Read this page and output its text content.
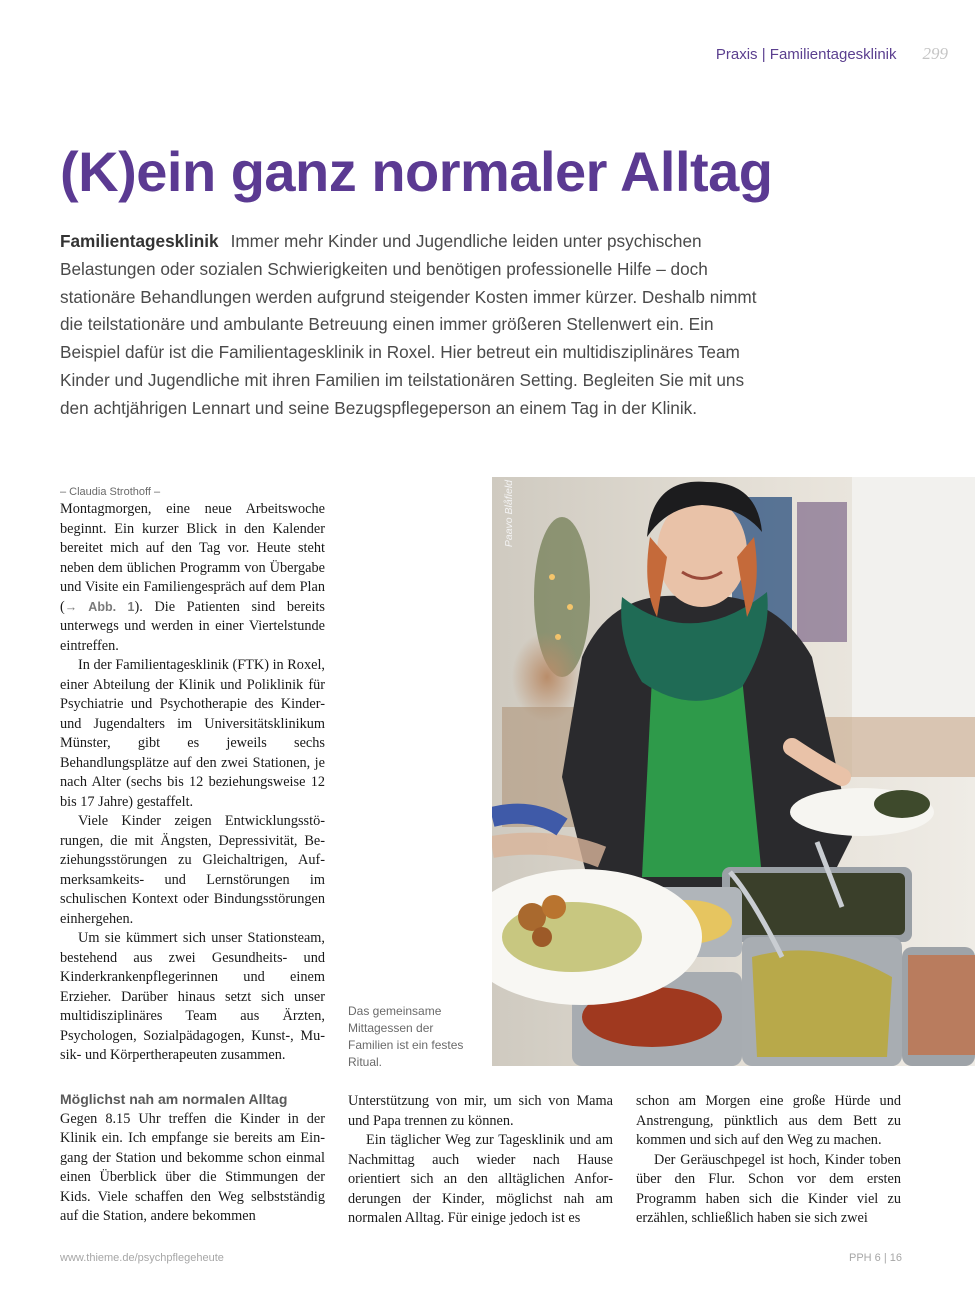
Praxis | Familientagesklinik 299
(K)ein ganz normaler Alltag
Familientagesklinik Immer mehr Kinder und Jugendliche leiden unter psychischen Belastungen oder sozialen Schwierigkeiten und benötigen professionelle Hilfe – doch stationäre Behandlungen werden aufgrund steigender Kosten immer kürzer. Deshalb nimmt die teilstationäre und ambulante Betreuung einen immer größeren Stellenwert ein. Ein Beispiel dafür ist die Familientagesklinik in Roxel. Hier betreut ein multidisziplinäres Team Kinder und Jugendliche mit ihren Familien im teilstationären Setting. Begleiten Sie mit uns den achtjährigen Lennart und seine Bezugspflegeperson an einem Tag in der Klinik.
– Claudia Strothoff –

Montagmorgen, eine neue Arbeitswoche beginnt. Ein kurzer Blick in den Kalender bereitet mich auf den Tag vor. Heute steht neben dem üblichen Programm von Übergabe und Visite ein Familiengespräch auf dem Plan (→ Abb. 1). Die Patienten sind bereits unterwegs und werden in einer Viertelstunde eintreffen.

In der Familientagesklinik (FTK) in Roxel, einer Abteilung der Klinik und Poliklinik für Psychiatrie und Psychotherapie des Kinder- und Jugendalters im Universitätsklinikum Münster, gibt es jeweils sechs Behandlungsplätze auf den zwei Stationen, je nach Alter (sechs bis 12 beziehungsweise 12 bis 17 Jahre) gestaffelt.

Viele Kinder zeigen Entwicklungsstörungen, die mit Ängsten, Depressivität, Beziehungsstörungen zu Gleichaltrigen, Aufmerksamkeits- und Lernstörungen im schulischen Kontext oder Bindungsstörungen einhergehen.

Um sie kümmert sich unser Stationsteam, bestehend aus zwei Gesundheits- und Kinderkrankenpflegerinnen und einem Erzieher. Darüber hinaus setzt sich unser multidisziplinäres Team aus Ärzten, Psychologen, Sozialpädagogen, Kunst-, Musik- und Körpertherapeuten zusammen.

Paavo Blåfield
Das gemeinsame Mittagessen der Familien ist ein festes Ritual.
Möglichst nah am normalen Alltag

Gegen 8.15 Uhr treffen die Kinder in der Klinik ein. Ich empfange sie bereits am Eingang der Station und bekomme schon einmal einen Überblick über die Stimmungen der Kids. Viele schaffen den Weg selbstständig auf die Station, andere bekommen

Unterstützung von mir, um sich von Mama und Papa trennen zu können.

Ein täglicher Weg zur Tagesklinik und am Nachmittag auch wieder nach Hause orientiert sich an den alltäglichen Anforderungen der Kinder, möglichst nah am normalen Alltag. Für einige jedoch ist es

schon am Morgen eine große Hürde und Anstrengung, pünktlich aus dem Bett zu kommen und sich auf den Weg zu machen.

Der Geräuschpegel ist hoch, Kinder toben über den Flur. Schon vor dem ersten Programm haben sich die Kinder viel zu erzählen, schließlich haben sie sich zwei

www.thieme.de/psychpflegeheute	PPH 6 | 16
